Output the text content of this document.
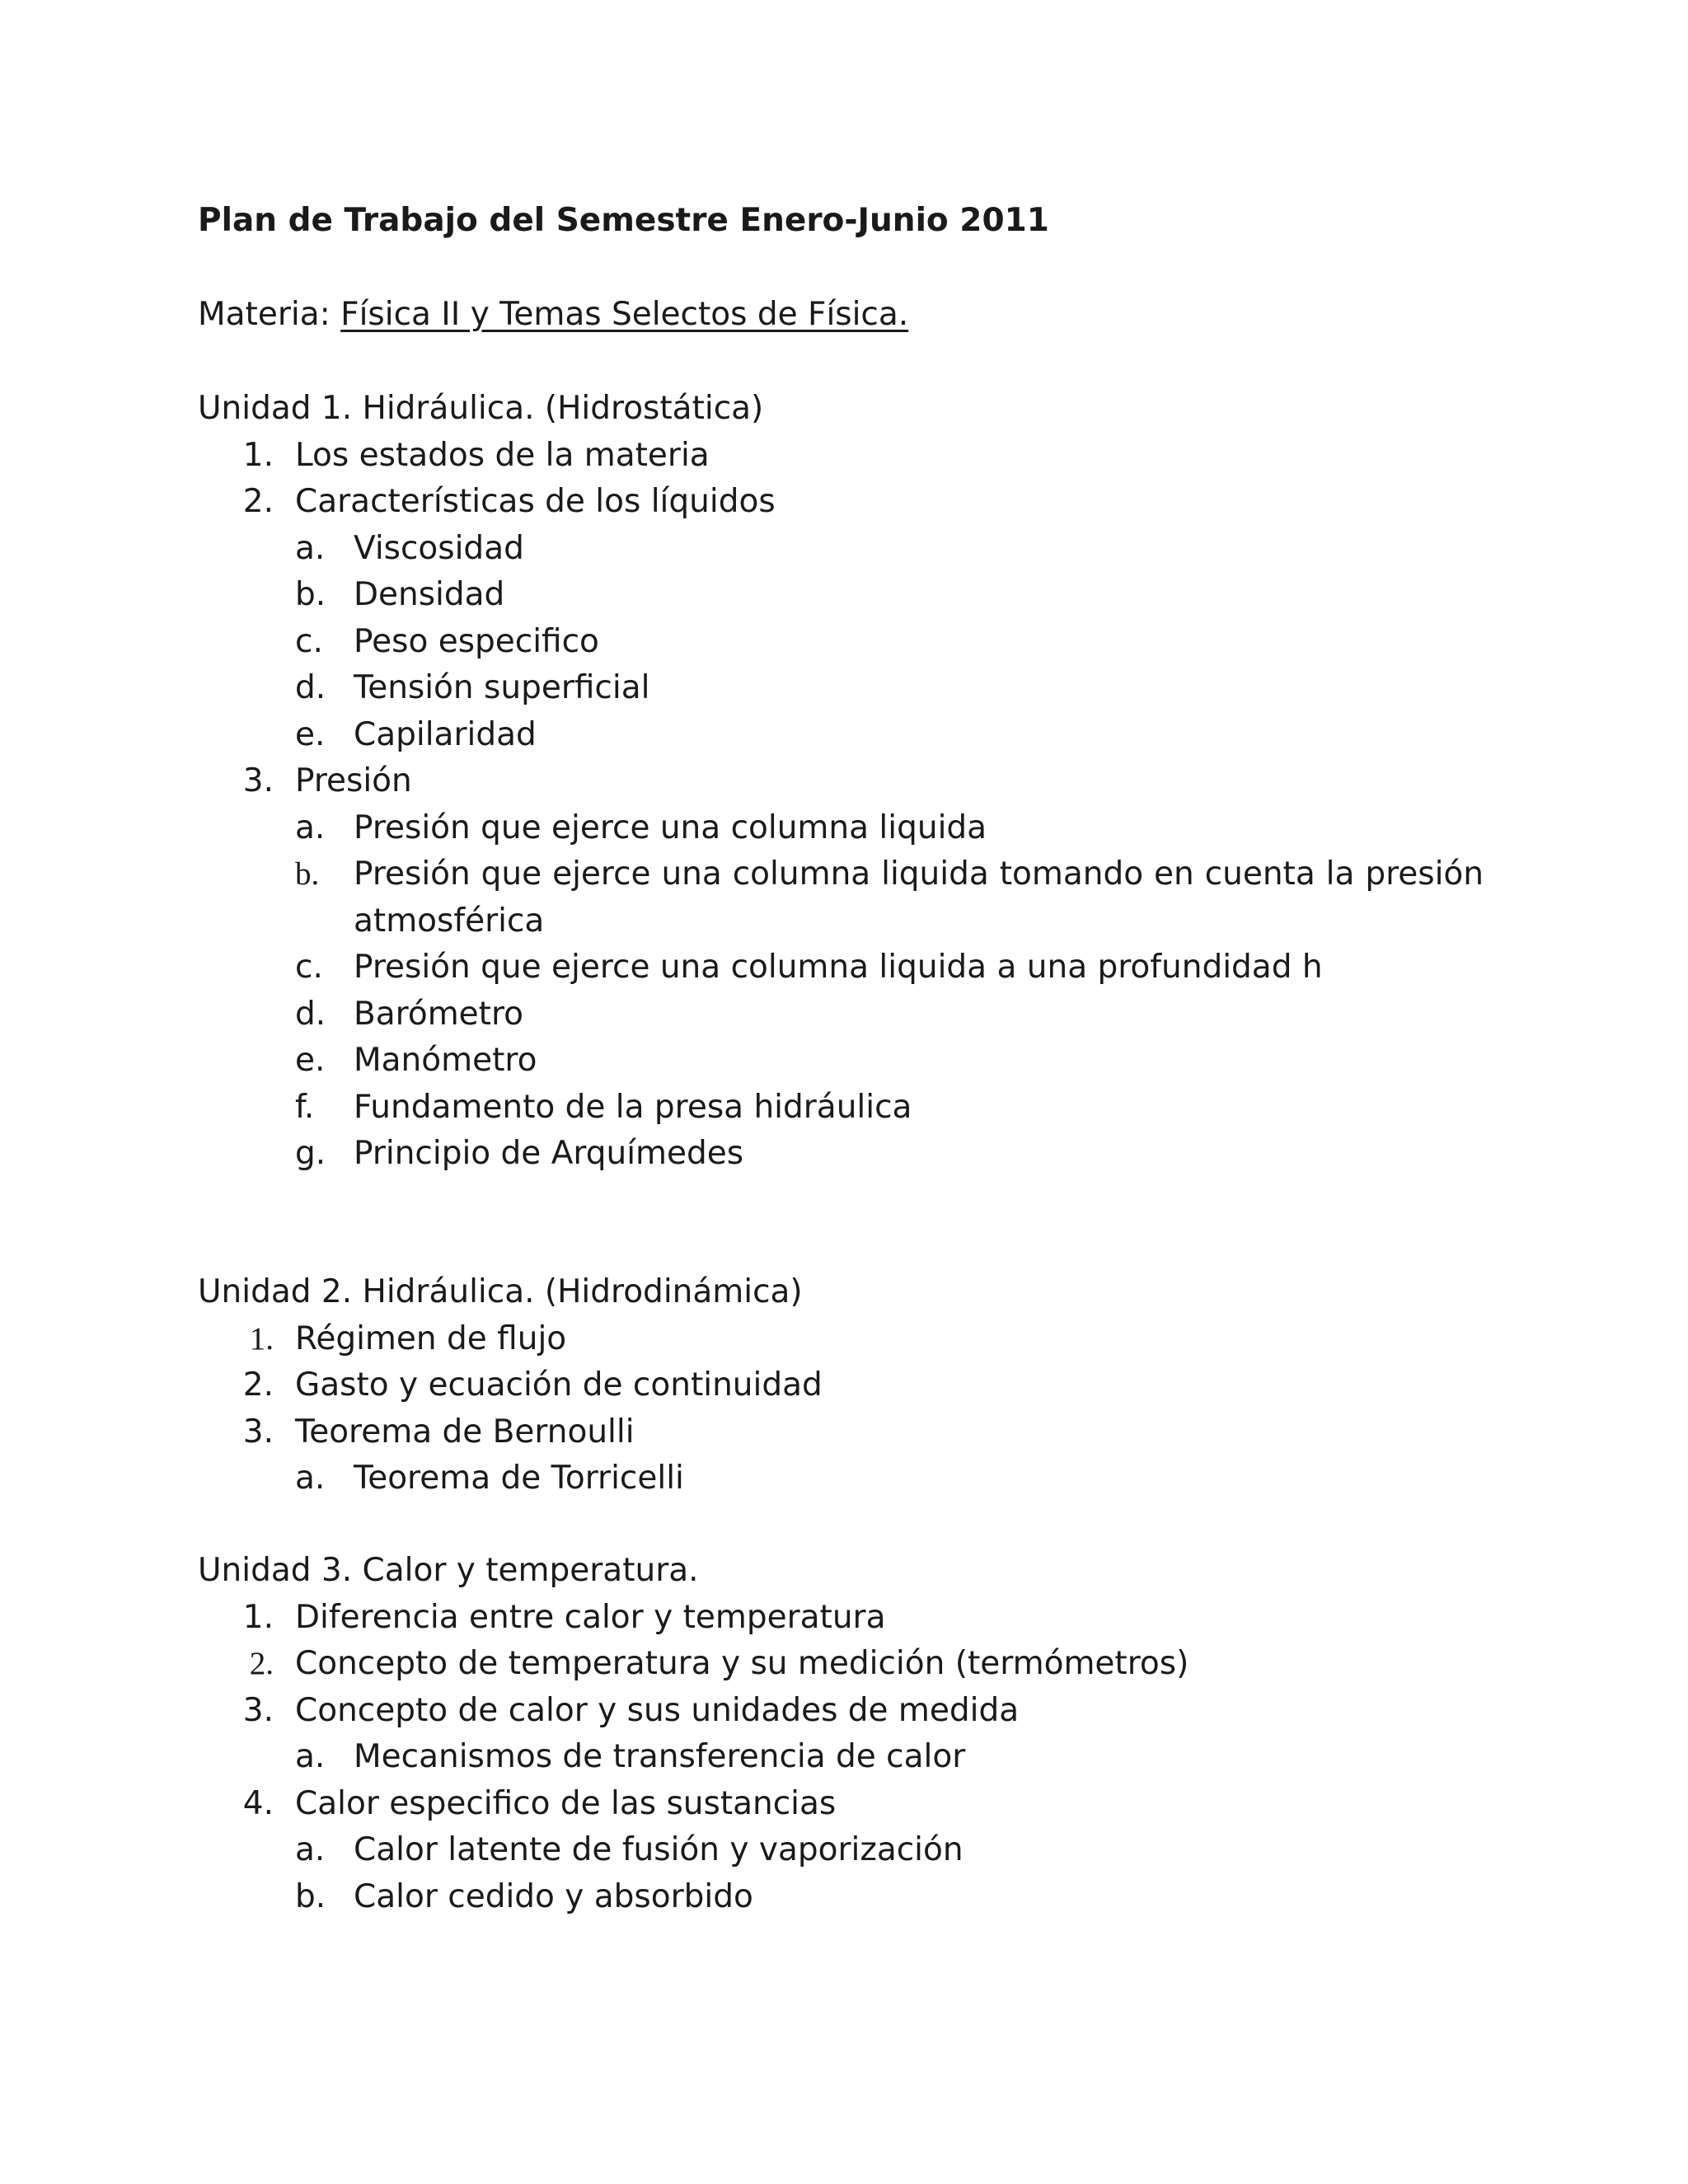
Plan de Trabajo del Semestre Enero-Junio 2011
Materia: Física II y Temas Selectos de Física.
Unidad 1. Hidráulica. (Hidrostática)
1. Los estados de la materia
2. Características de los líquidos
a. Viscosidad
b. Densidad
c. Peso especifico
d. Tensión superficial
e. Capilaridad
3. Presión
a. Presión que ejerce una columna liquida
b.	Presión que ejerce una columna liquida tomando en cuenta la presión atmosférica
c. Presión que ejerce una columna liquida a una profundidad h
d. Barómetro
e. Manómetro
f.	Fundamento de la presa hidráulica
g. Principio de Arquímedes
Unidad 2. Hidráulica. (Hidrodinámica)
1. Régimen de flujo
2. Gasto y ecuación de continuidad
3. Teorema de Bernoulli
a. Teorema de Torricelli
Unidad 3. Calor y temperatura.
1. Diferencia entre calor y temperatura
2. Concepto de temperatura y su medición (termómetros)
3. Concepto de calor y sus unidades de medida
a. Mecanismos de transferencia de calor
4. Calor especifico de las sustancias
a. Calor latente de fusión y vaporización
b. Calor cedido y absorbido
